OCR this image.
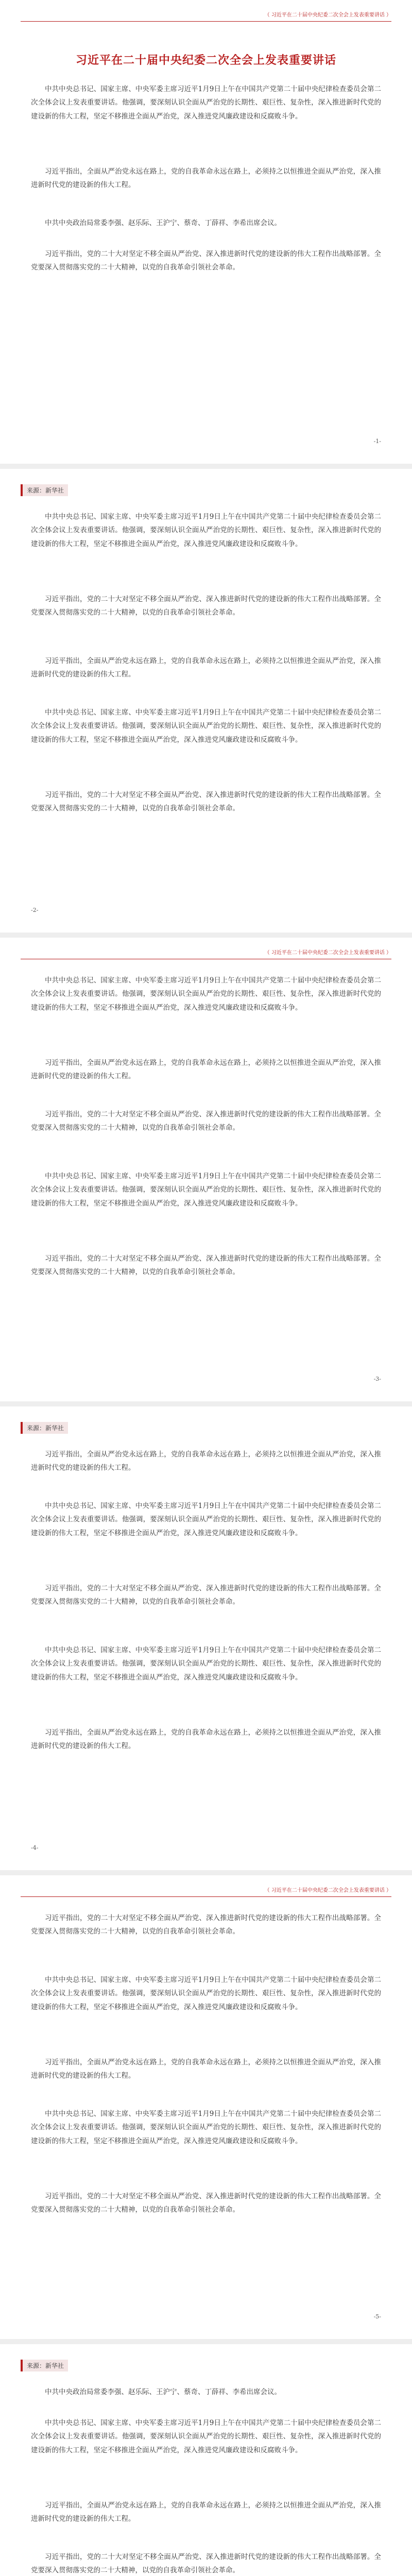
（ 习近平在二十届中央纪委二次全会上发表重要讲话 ）
习近平在二十届中央纪委二次全会上发表重要讲话
中共中央总书记、国家主席、中央军委主席习近平1月9日上午在中国共产党第二十届中央纪律检查委员会第二次全体会议上发表重要讲话。他强调，要深刻认识全面从严治党的长期性、艰巨性、复杂性，深入推进新时代党的建设新的伟大工程，坚定不移推进全面从严治党，深入推进党风廉政建设和反腐败斗争。
习近平指出，全面从严治党永远在路上，党的自我革命永远在路上，必须持之以恒推进全面从严治党，深入推进新时代党的建设新的伟大工程。
中共中央政治局常委李强、赵乐际、王沪宁、蔡奇、丁薛祥、李希出席会议。
习近平指出，党的二十大对坚定不移全面从严治党、深入推进新时代党的建设新的伟大工程作出战略部署。全党要深入贯彻落实党的二十大精神，以党的自我革命引领社会革命。
-1-
来源：新华社
中共中央总书记、国家主席、中央军委主席习近平1月9日上午在中国共产党第二十届中央纪律检查委员会第二次全体会议上发表重要讲话。他强调，要深刻认识全面从严治党的长期性、艰巨性、复杂性，深入推进新时代党的建设新的伟大工程，坚定不移推进全面从严治党，深入推进党风廉政建设和反腐败斗争。
习近平指出，党的二十大对坚定不移全面从严治党、深入推进新时代党的建设新的伟大工程作出战略部署。全党要深入贯彻落实党的二十大精神，以党的自我革命引领社会革命。
习近平指出，全面从严治党永远在路上，党的自我革命永远在路上，必须持之以恒推进全面从严治党，深入推进新时代党的建设新的伟大工程。
中共中央总书记、国家主席、中央军委主席习近平1月9日上午在中国共产党第二十届中央纪律检查委员会第二次全体会议上发表重要讲话。他强调，要深刻认识全面从严治党的长期性、艰巨性、复杂性，深入推进新时代党的建设新的伟大工程，坚定不移推进全面从严治党，深入推进党风廉政建设和反腐败斗争。
习近平指出，党的二十大对坚定不移全面从严治党、深入推进新时代党的建设新的伟大工程作出战略部署。全党要深入贯彻落实党的二十大精神，以党的自我革命引领社会革命。
-2-
（ 习近平在二十届中央纪委二次全会上发表重要讲话 ）
中共中央总书记、国家主席、中央军委主席习近平1月9日上午在中国共产党第二十届中央纪律检查委员会第二次全体会议上发表重要讲话。他强调，要深刻认识全面从严治党的长期性、艰巨性、复杂性，深入推进新时代党的建设新的伟大工程，坚定不移推进全面从严治党，深入推进党风廉政建设和反腐败斗争。
习近平指出，全面从严治党永远在路上，党的自我革命永远在路上，必须持之以恒推进全面从严治党，深入推进新时代党的建设新的伟大工程。
习近平指出，党的二十大对坚定不移全面从严治党、深入推进新时代党的建设新的伟大工程作出战略部署。全党要深入贯彻落实党的二十大精神，以党的自我革命引领社会革命。
中共中央总书记、国家主席、中央军委主席习近平1月9日上午在中国共产党第二十届中央纪律检查委员会第二次全体会议上发表重要讲话。他强调，要深刻认识全面从严治党的长期性、艰巨性、复杂性，深入推进新时代党的建设新的伟大工程，坚定不移推进全面从严治党，深入推进党风廉政建设和反腐败斗争。
习近平指出，党的二十大对坚定不移全面从严治党、深入推进新时代党的建设新的伟大工程作出战略部署。全党要深入贯彻落实党的二十大精神，以党的自我革命引领社会革命。
-3-
来源：新华社
习近平指出，全面从严治党永远在路上，党的自我革命永远在路上，必须持之以恒推进全面从严治党，深入推进新时代党的建设新的伟大工程。
中共中央总书记、国家主席、中央军委主席习近平1月9日上午在中国共产党第二十届中央纪律检查委员会第二次全体会议上发表重要讲话。他强调，要深刻认识全面从严治党的长期性、艰巨性、复杂性，深入推进新时代党的建设新的伟大工程，坚定不移推进全面从严治党，深入推进党风廉政建设和反腐败斗争。
习近平指出，党的二十大对坚定不移全面从严治党、深入推进新时代党的建设新的伟大工程作出战略部署。全党要深入贯彻落实党的二十大精神，以党的自我革命引领社会革命。
中共中央总书记、国家主席、中央军委主席习近平1月9日上午在中国共产党第二十届中央纪律检查委员会第二次全体会议上发表重要讲话。他强调，要深刻认识全面从严治党的长期性、艰巨性、复杂性，深入推进新时代党的建设新的伟大工程，坚定不移推进全面从严治党，深入推进党风廉政建设和反腐败斗争。
习近平指出，全面从严治党永远在路上，党的自我革命永远在路上，必须持之以恒推进全面从严治党，深入推进新时代党的建设新的伟大工程。
-4-
（ 习近平在二十届中央纪委二次全会上发表重要讲话 ）
习近平指出，党的二十大对坚定不移全面从严治党、深入推进新时代党的建设新的伟大工程作出战略部署。全党要深入贯彻落实党的二十大精神，以党的自我革命引领社会革命。
中共中央总书记、国家主席、中央军委主席习近平1月9日上午在中国共产党第二十届中央纪律检查委员会第二次全体会议上发表重要讲话。他强调，要深刻认识全面从严治党的长期性、艰巨性、复杂性，深入推进新时代党的建设新的伟大工程，坚定不移推进全面从严治党，深入推进党风廉政建设和反腐败斗争。
习近平指出，全面从严治党永远在路上，党的自我革命永远在路上，必须持之以恒推进全面从严治党，深入推进新时代党的建设新的伟大工程。
中共中央总书记、国家主席、中央军委主席习近平1月9日上午在中国共产党第二十届中央纪律检查委员会第二次全体会议上发表重要讲话。他强调，要深刻认识全面从严治党的长期性、艰巨性、复杂性，深入推进新时代党的建设新的伟大工程，坚定不移推进全面从严治党，深入推进党风廉政建设和反腐败斗争。
习近平指出，党的二十大对坚定不移全面从严治党、深入推进新时代党的建设新的伟大工程作出战略部署。全党要深入贯彻落实党的二十大精神，以党的自我革命引领社会革命。
-5-
来源：新华社
中共中央政治局常委李强、赵乐际、王沪宁、蔡奇、丁薛祥、李希出席会议。
中共中央总书记、国家主席、中央军委主席习近平1月9日上午在中国共产党第二十届中央纪律检查委员会第二次全体会议上发表重要讲话。他强调，要深刻认识全面从严治党的长期性、艰巨性、复杂性，深入推进新时代党的建设新的伟大工程，坚定不移推进全面从严治党，深入推进党风廉政建设和反腐败斗争。
习近平指出，全面从严治党永远在路上，党的自我革命永远在路上，必须持之以恒推进全面从严治党，深入推进新时代党的建设新的伟大工程。
习近平指出，党的二十大对坚定不移全面从严治党、深入推进新时代党的建设新的伟大工程作出战略部署。全党要深入贯彻落实党的二十大精神，以党的自我革命引领社会革命。
